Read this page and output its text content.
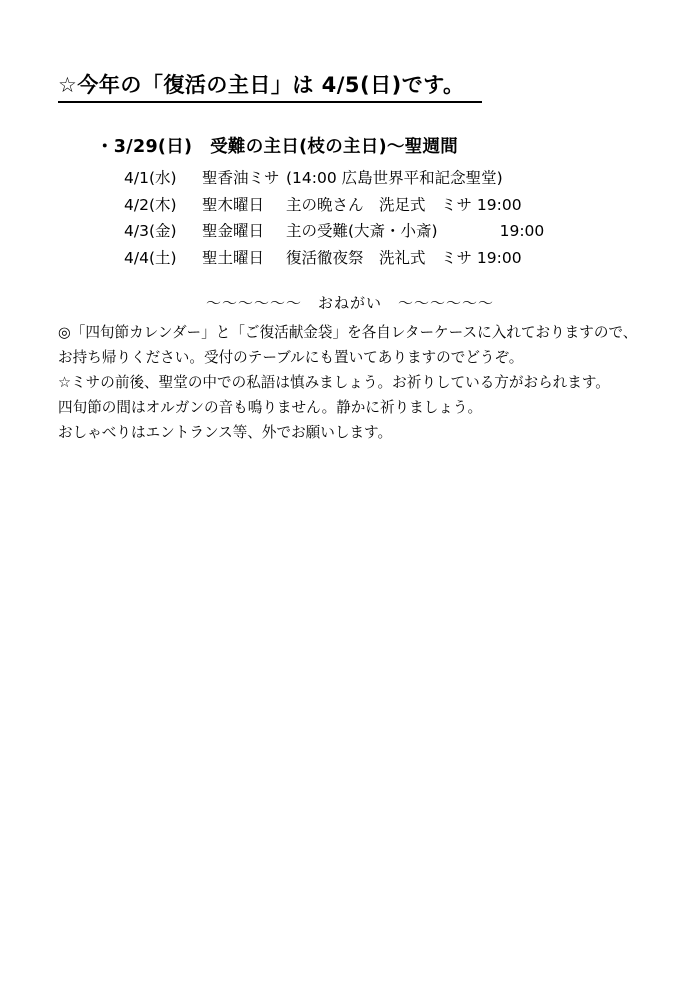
☆今年の「復活の主日」は 4/5(日)です。
・3/29(日)　受難の主日(枝の主日)〜聖週間
4/1(水) 聖香油ミサ (14:00 広島世界平和記念聖堂)
4/2(木) 聖木曜日 主の晩さん　洗足式　ミサ 19:00
4/3(金) 聖金曜日 主の受難(大斎・小斎)　　　　19:00
4/4(土) 聖土曜日 復活徹夜祭　洗礼式　ミサ 19:00
〜〜〜〜〜〜　おねがい　〜〜〜〜〜〜
◎「四旬節カレンダー」と「ご復活献金袋」を各自レターケースに入れておりますので、
お持ち帰りください。受付のテーブルにも置いてありますのでどうぞ。
☆ミサの前後、聖堂の中での私語は慎みましょう。お祈りしている方がおられます。
四旬節の間はオルガンの音も鳴りません。静かに祈りましょう。
おしゃべりはエントランス等、外でお願いします。
